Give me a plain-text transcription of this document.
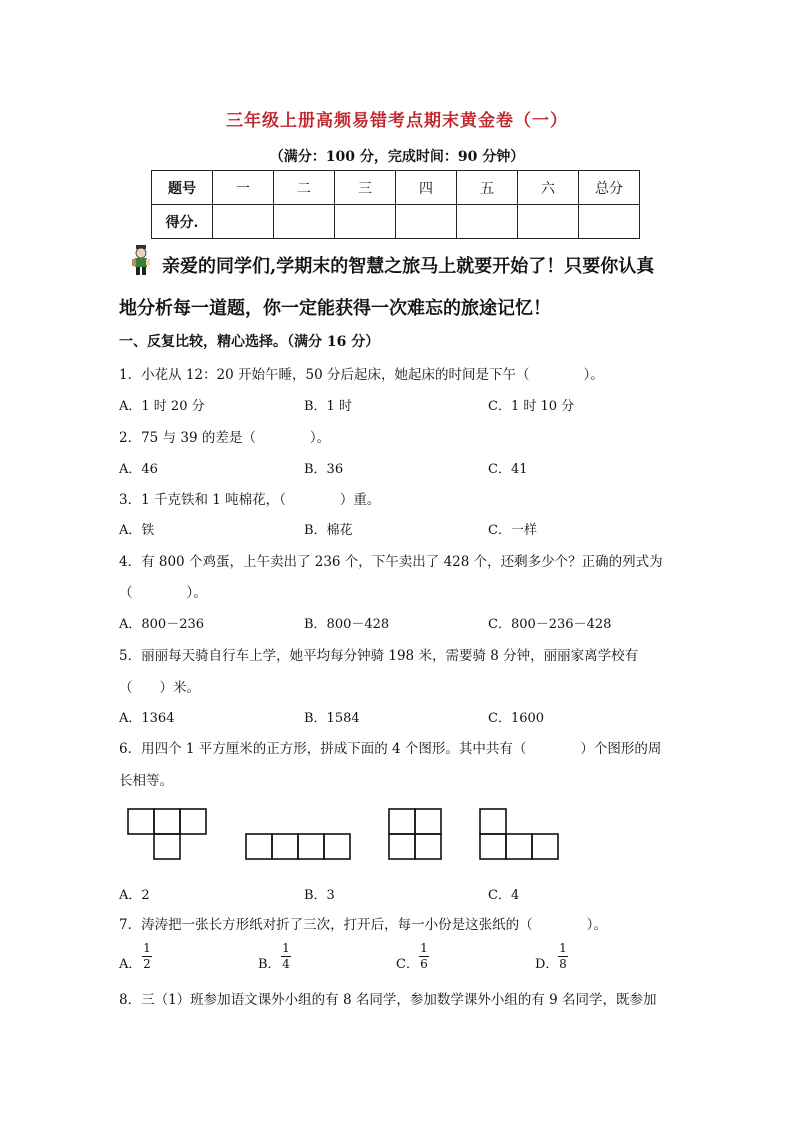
三年级上册高频易错考点期末黄金卷（一）
（满分：100 分，完成时间：90 分钟）
题号	一	二	三	四	五	六	总分
得分.							
亲爱的同学们,学期末的智慧之旅马上就要开始了！只要你认真
地分析每一道题，你一定能获得一次难忘的旅途记忆！
一、反复比较，精心选择。（满分 16 分）
1．小花从 12：20 开始午睡，50 分后起床，她起床的时间是下午（　　　　）。
A．1 时 20 分	B．1 时	C．1 时 10 分
2．75 与 39 的差是（　　　　）。
A．46	B．36	C．41
3．1 千克铁和 1 吨棉花，（　　　　）重。
A．铁	B．棉花	C．一样
4．有 800 个鸡蛋，上午卖出了 236 个，下午卖出了 428 个，还剩多少个？正确的列式为
（　　　　）。
A．800－236	B．800－428	C．800－236－428
5．丽丽每天骑自行车上学，她平均每分钟骑 198 米，需要骑 8 分钟，丽丽家离学校有
（　　）米。
A．1364	B．1584	C．1600
6．用四个 1 平方厘米的正方形，拼成下面的 4 个图形。其中共有（　　　　）个图形的周
长相等。
A．2	B．3	C．4
7．涛涛把一张长方形纸对折了三次，打开后，每一小份是这张纸的（　　　　）。
A．
1
2	B．
1
4	C．
1
6	D．
1
8
8．三（1）班参加语文课外小组的有 8 名同学，参加数学课外小组的有 9 名同学，既参加
